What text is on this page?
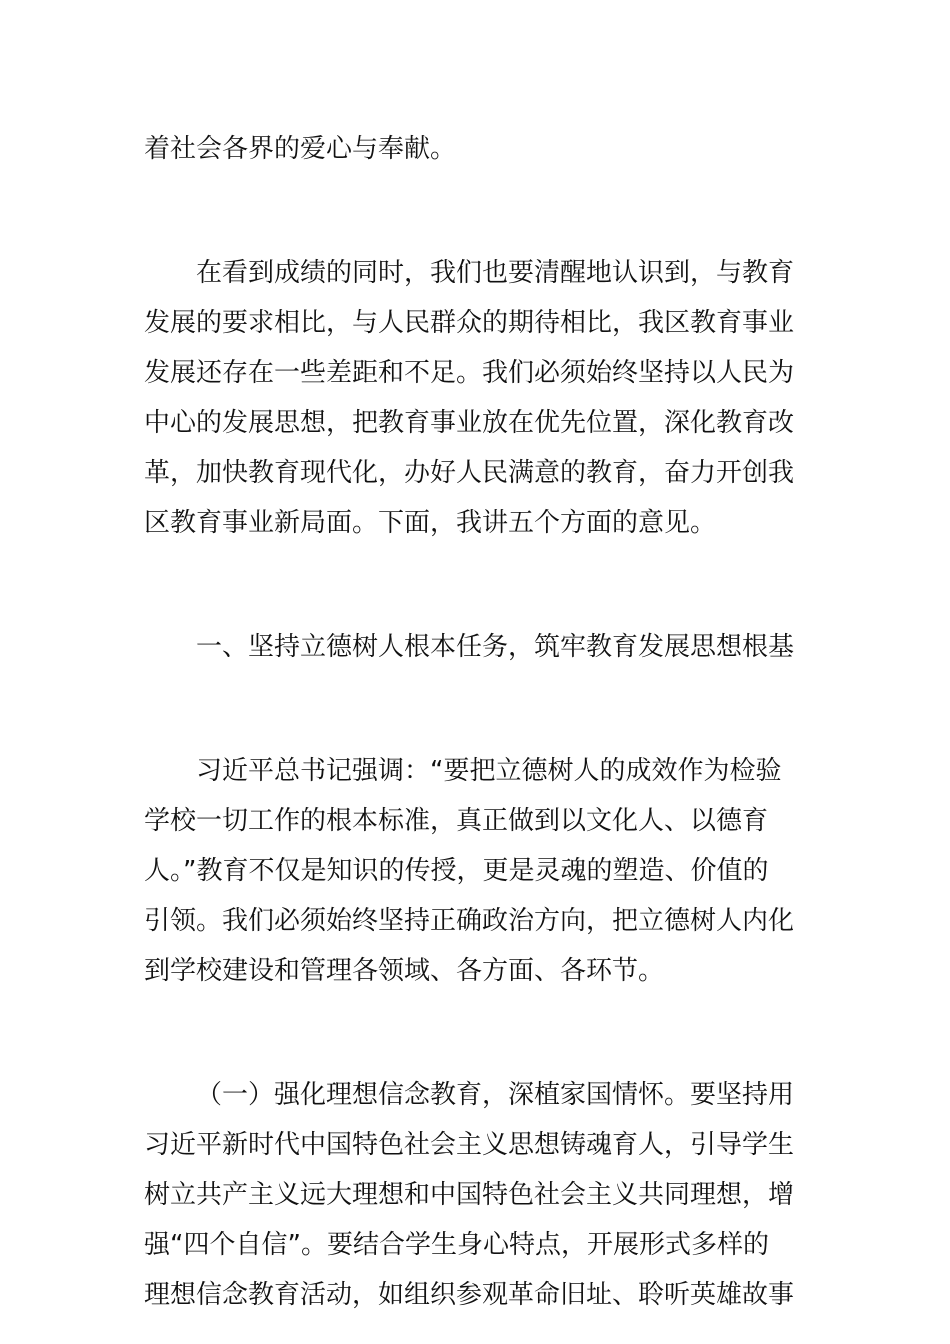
着社会各界的爱心与奉献。
在看到成绩的同时，我们也要清醒地认识到，与教育
发展的要求相比，与人民群众的期待相比，我区教育事业
发展还存在一些差距和不足。我们必须始终坚持以人民为
中心的发展思想，把教育事业放在优先位置，深化教育改
革，加快教育现代化，办好人民满意的教育，奋力开创我
区教育事业新局面。下面，我讲五个方面的意见。
一、坚持立德树人根本任务，筑牢教育发展思想根基
习近平总书记强调：“要把立德树人的成效作为检验
学校一切工作的根本标准，真正做到以文化人、以德育
人。”教育不仅是知识的传授，更是灵魂的塑造、价值的
引领。我们必须始终坚持正确政治方向，把立德树人内化
到学校建设和管理各领域、各方面、各环节。
（一）强化理想信念教育，深植家国情怀。要坚持用
习近平新时代中国特色社会主义思想铸魂育人，引导学生
树立共产主义远大理想和中国特色社会主义共同理想，增
强“四个自信”。要结合学生身心特点，开展形式多样的
理想信念教育活动，如组织参观革命旧址、聆听英雄故事
